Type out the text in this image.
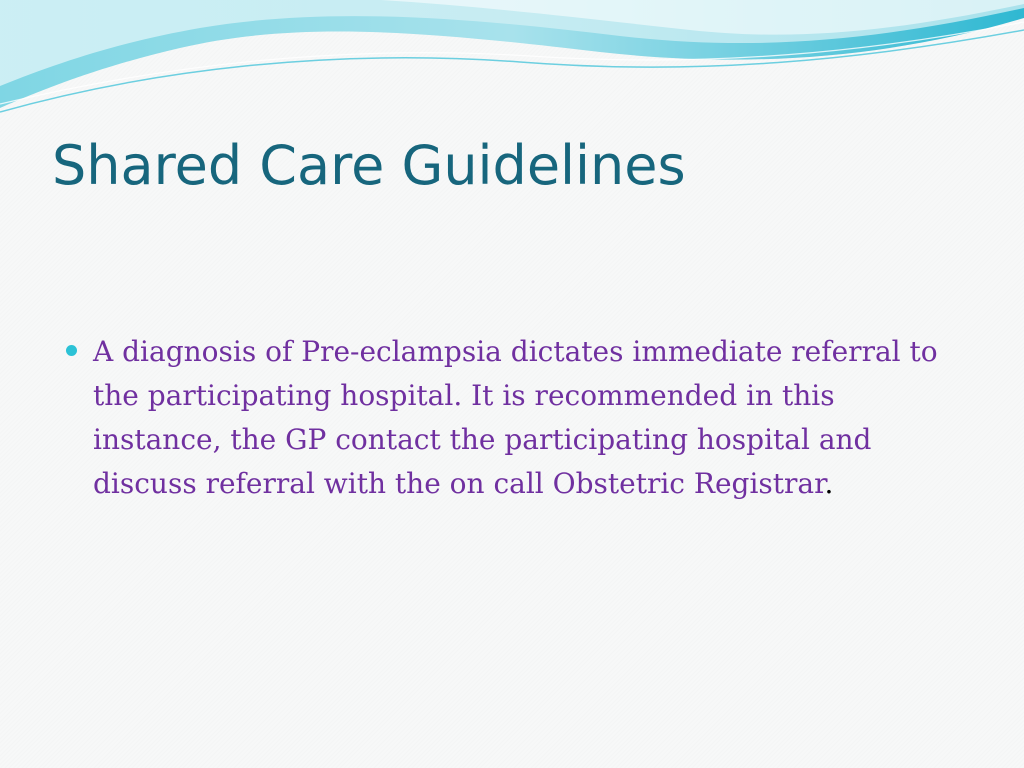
Shared Care Guidelines
A diagnosis of Pre-eclampsia dictates immediate referral to the participating hospital. It is recommended in this instance, the GP contact the participating hospital and discuss referral with the on call Obstetric Registrar.
